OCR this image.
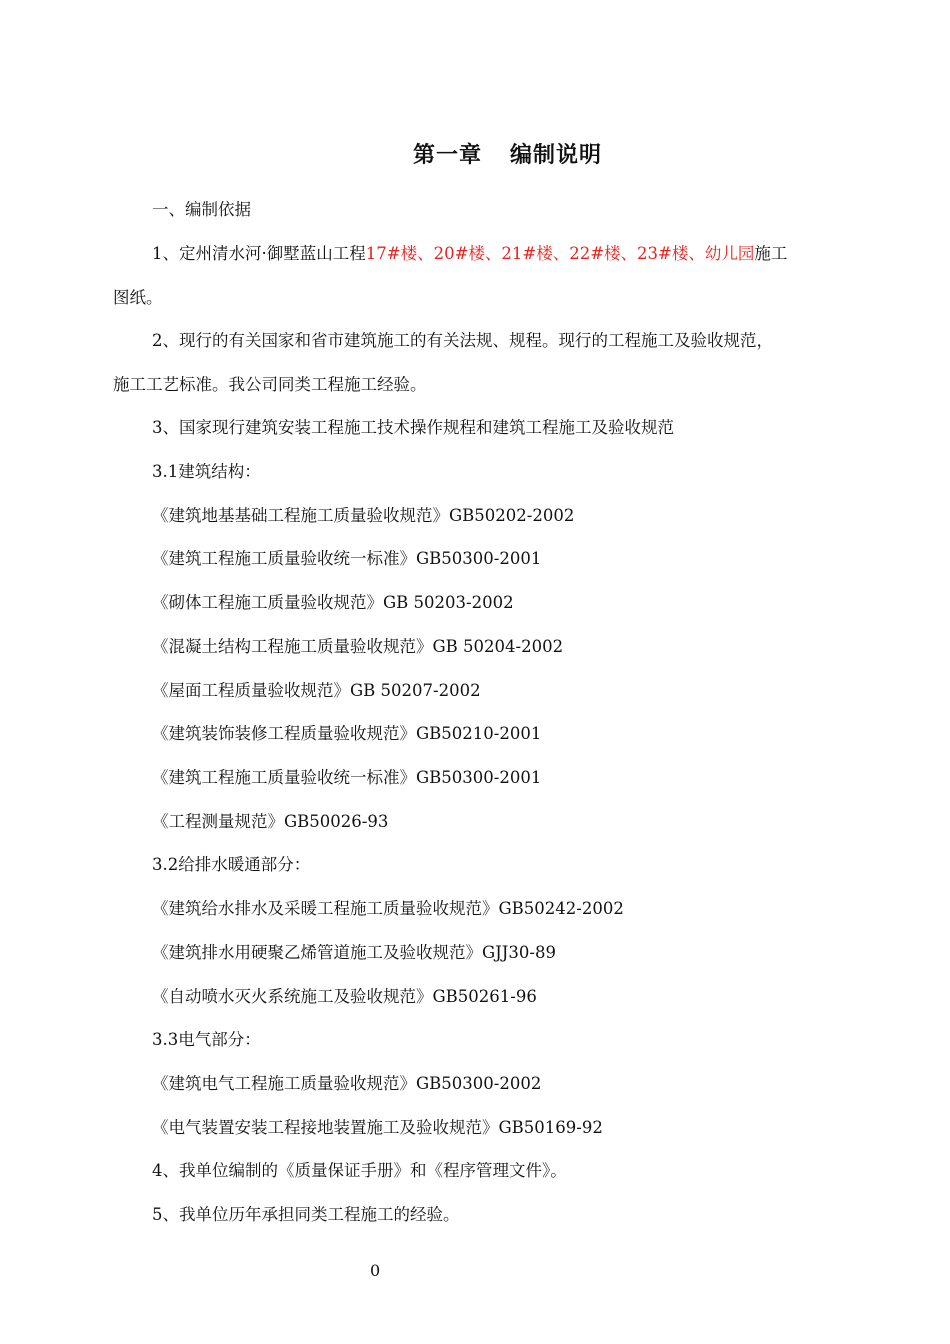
第一章 编制说明
一、编制依据
1、定州清水河·御墅蓝山工程17#楼、20#楼、21#楼、22#楼、23#楼、幼儿园施工
图纸。
2、现行的有关国家和省市建筑施工的有关法规、规程。现行的工程施工及验收规范，
施工工艺标准。我公司同类工程施工经验。
3、国家现行建筑安装工程施工技术操作规程和建筑工程施工及验收规范
3.1建筑结构：
《建筑地基基础工程施工质量验收规范》GB50202-2002
《建筑工程施工质量验收统一标准》GB50300-2001
《砌体工程施工质量验收规范》GB 50203-2002
《混凝土结构工程施工质量验收规范》GB 50204-2002
《屋面工程质量验收规范》GB 50207-2002
《建筑装饰装修工程质量验收规范》GB50210-2001
《建筑工程施工质量验收统一标准》GB50300-2001
《工程测量规范》GB50026-93
3.2给排水暖通部分：
《建筑给水排水及采暖工程施工质量验收规范》GB50242-2002
《建筑排水用硬聚乙烯管道施工及验收规范》GJJ30-89
《自动喷水灭火系统施工及验收规范》GB50261-96
3.3电气部分：
《建筑电气工程施工质量验收规范》GB50300-2002
《电气装置安装工程接地装置施工及验收规范》GB50169-92
4、我单位编制的《质量保证手册》和《程序管理文件》。
5、我单位历年承担同类工程施工的经验。
0
